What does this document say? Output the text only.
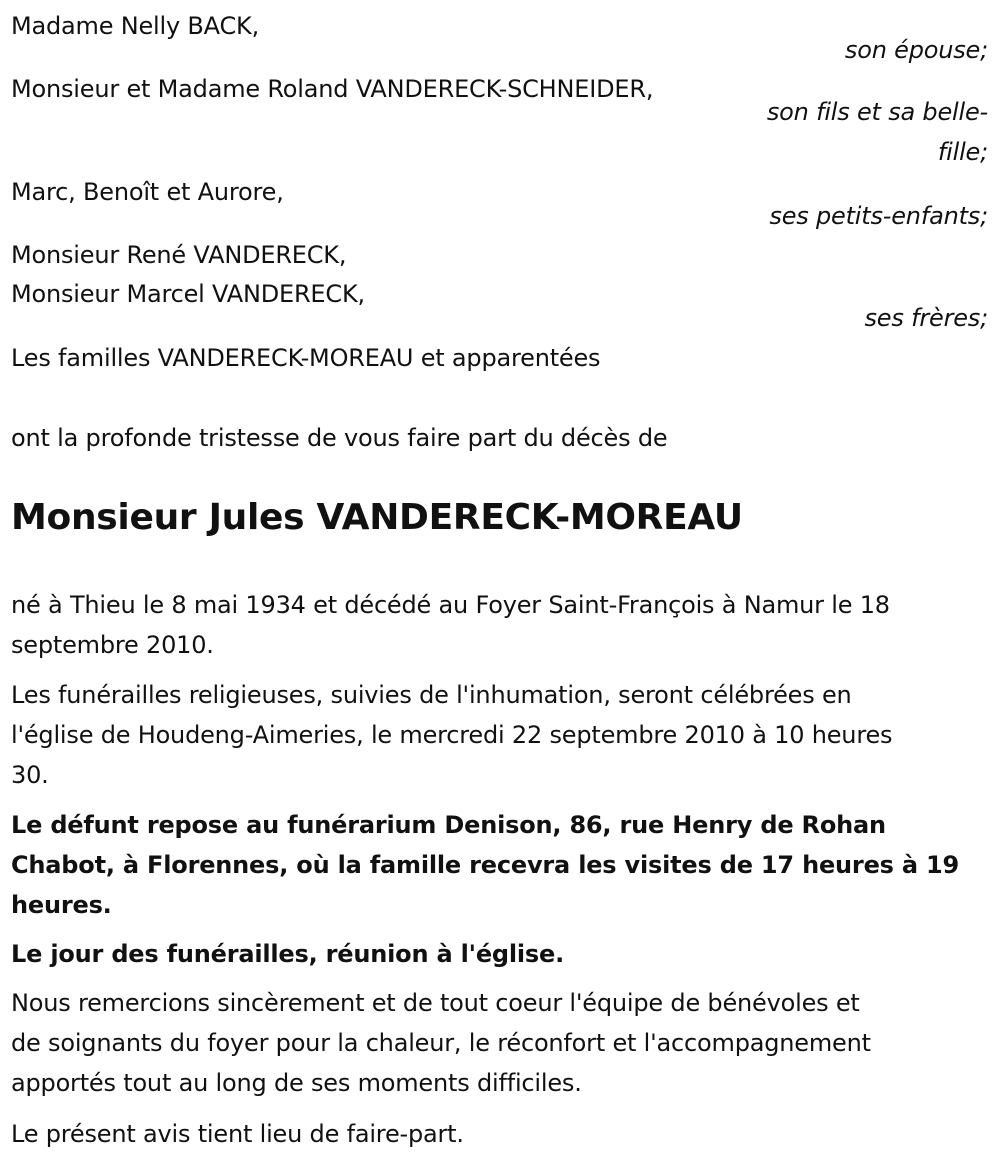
Madame Nelly BACK,
son épouse;
Monsieur et Madame Roland VANDERECK-SCHNEIDER,
son fils et sa belle-
fille;
Marc, Benoît et Aurore,
ses petits-enfants;
Monsieur René VANDERECK,
Monsieur Marcel VANDERECK,
ses frères;
Les familles VANDERECK-MOREAU et apparentées
ont la profonde tristesse de vous faire part du décès de
Monsieur Jules VANDERECK-MOREAU
né à Thieu le 8 mai 1934 et décédé au Foyer Saint-François à Namur le 18
septembre 2010.
Les funérailles religieuses, suivies de l'inhumation, seront célébrées en
l'église de Houdeng-Aimeries, le mercredi 22 septembre 2010 à 10 heures
30.
Le défunt repose au funérarium Denison, 86, rue Henry de Rohan
Chabot, à Florennes, où la famille recevra les visites de 17 heures à 19
heures.
Le jour des funérailles, réunion à l'église.
Nous remercions sincèrement et de tout coeur l'équipe de bénévoles et
de soignants du foyer pour la chaleur, le réconfort et l'accompagnement
apportés tout au long de ses moments difficiles.
Le présent avis tient lieu de faire-part.
